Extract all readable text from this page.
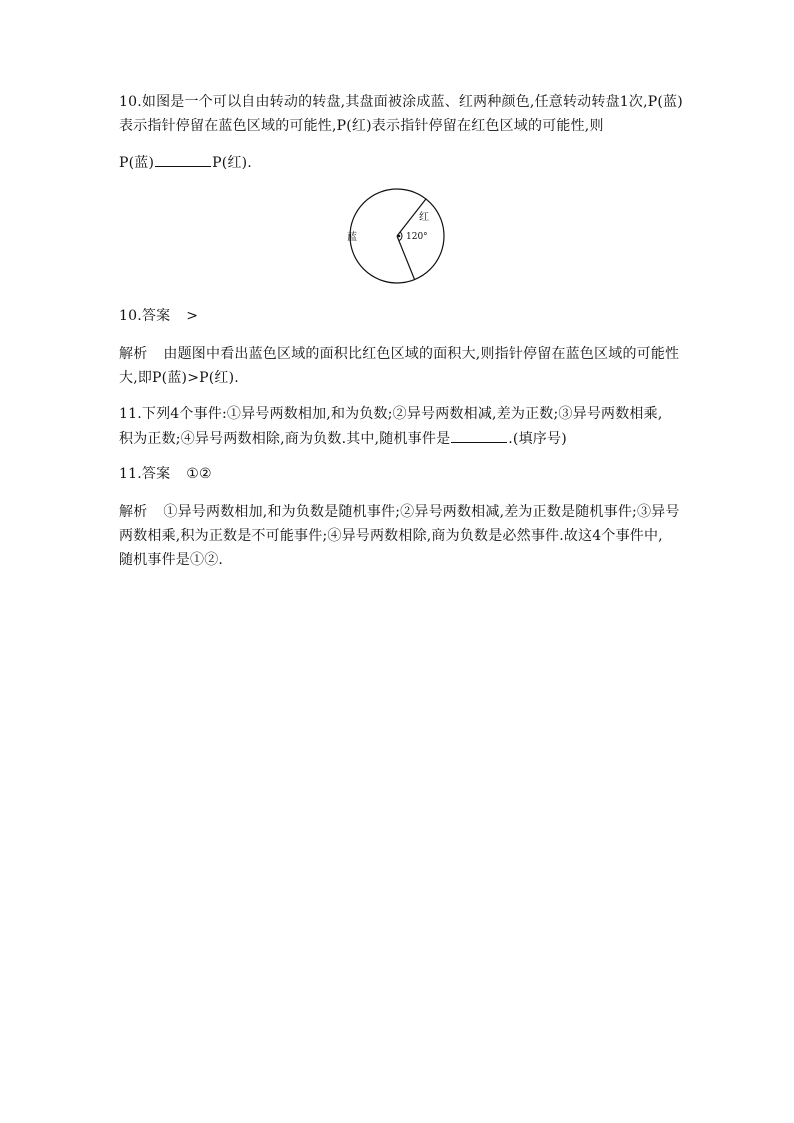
10.如图是一个可以自由转动的转盘,其盘面被涂成蓝、红两种颜色,任意转动转盘1次,P(蓝)
表示指针停留在蓝色区域的可能性,P(红)表示指针停留在红色区域的可能性,则
P(蓝)	P(红).
蓝
红
120°
10.答案 >
解析 由题图中看出蓝色区域的面积比红色区域的面积大,则指针停留在蓝色区域的可能性
大,即P(蓝)>P(红).
11.下列4个事件:①异号两数相加,和为负数;②异号两数相减,差为正数;③异号两数相乘,
积为正数;④异号两数相除,商为负数.其中,随机事件是	.(填序号)
11.答案 ①②
解析 ①异号两数相加,和为负数是随机事件;②异号两数相减,差为正数是随机事件;③异号
两数相乘,积为正数是不可能事件;④异号两数相除,商为负数是必然事件.故这4个事件中,
随机事件是①②.
